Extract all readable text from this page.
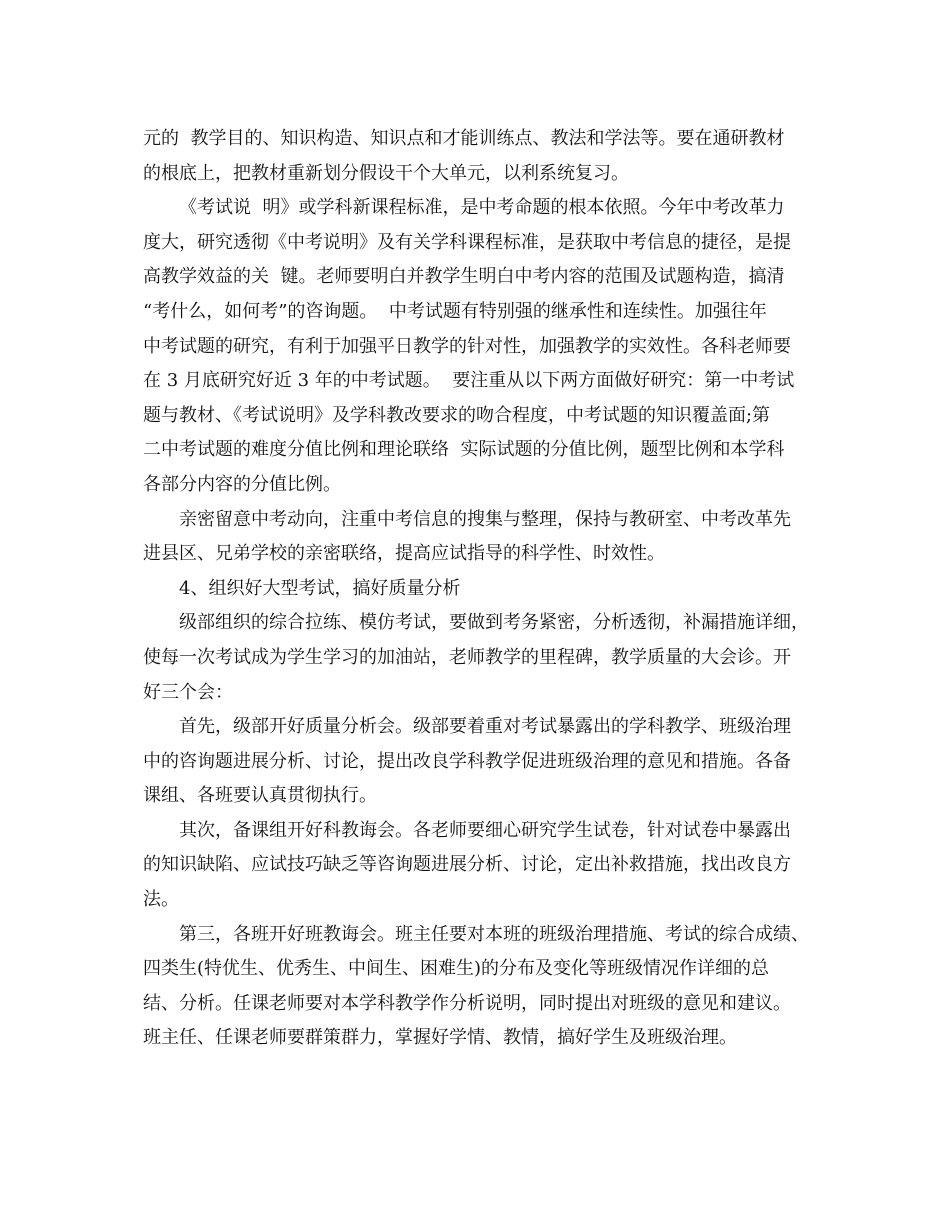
元的  教学目的、知识构造、知识点和才能训练点、教法和学法等。要在通研教材
的根底上，把教材重新划分假设干个大单元，以利系统复习。
《考试说  明》或学科新课程标准，是中考命题的根本依照。今年中考改革力
度大，研究透彻《中考说明》及有关学科课程标准，是获取中考信息的捷径，是提
高教学效益的关  键。老师要明白并教学生明白中考内容的范围及试题构造，搞清
“考什么，如何考”的咨询题。  中考试题有特别强的继承性和连续性。加强往年
中考试题的研究，有利于加强平日教学的针对性，加强教学的实效性。各科老师要
在 3 月底研究好近 3 年的中考试题。  要注重从以下两方面做好研究：第一中考试
题与教材、《考试说明》及学科教改要求的吻合程度，中考试题的知识覆盖面;第
二中考试题的难度分值比例和理论联络  实际试题的分值比例，题型比例和本学科
各部分内容的分值比例。
亲密留意中考动向，注重中考信息的搜集与整理，保持与教研室、中考改革先
进县区、兄弟学校的亲密联络，提高应试指导的科学性、时效性。
4、组织好大型考试，搞好质量分析
级部组织的综合拉练、模仿考试，要做到考务紧密，分析透彻，补漏措施详细，
使每一次考试成为学生学习的加油站，老师教学的里程碑，教学质量的大会诊。开
好三个会：
首先，级部开好质量分析会。级部要着重对考试暴露出的学科教学、班级治理
中的咨询题进展分析、讨论，提出改良学科教学促进班级治理的意见和措施。各备
课组、各班要认真贯彻执行。
其次，备课组开好科教诲会。各老师要细心研究学生试卷，针对试卷中暴露出
的知识缺陷、应试技巧缺乏等咨询题进展分析、讨论，定出补救措施，找出改良方
法。
第三，各班开好班教诲会。班主任要对本班的班级治理措施、考试的综合成绩、
四类生(特优生、优秀生、中间生、困难生)的分布及变化等班级情况作详细的总
结、分析。任课老师要对本学科教学作分析说明，同时提出对班级的意见和建议。
班主任、任课老师要群策群力，掌握好学情、教情，搞好学生及班级治理。
